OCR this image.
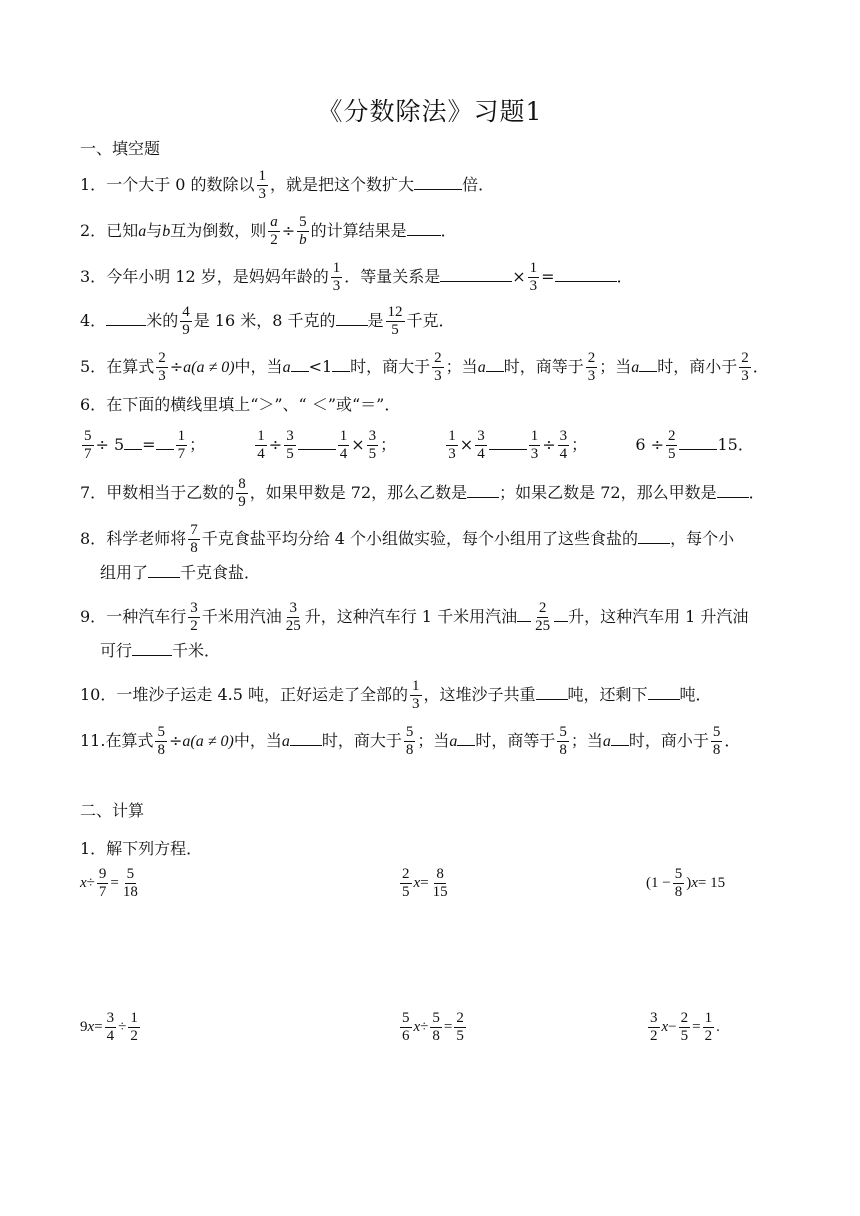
《分数除法》习题1
一、填空题
1．一个大于 0 的数除以 $\frac{1}{3}$ ，就是把这个数扩大	倍．
2．已知a与b互为倒数，则 $\frac{a}{2} \div \frac{5}{b}$ 的计算结果是 ．
3．今年小明 12 岁，是妈妈年龄的 $\frac{1}{3}$ ．等量关系是	× $\frac{1}{3}$ =	．
4．	米的 $\frac{4}{9}$ 是 16 米，8 千克的 是 $\frac{12}{5}$ 千克．
5．在算式 $\frac{2}{3} \div a(a \ne 0)$中，当a <1 时，商大于 $\frac{2}{3}$ ；当a 时，商等于 $\frac{2}{3}$ ；当a 时，商小于 $\frac{2}{3}$ ．
6．在下面的横线里填上“＞”、“ ＜”或“＝”．
$\frac{5}{7} \div 5 = \frac{1}{7}$ ；	$\frac{1}{4} \div \frac{3}{5}$	$\frac{1}{4} \times \frac{3}{5}$ ；	$\frac{1}{3} \times \frac{3}{4}$	$\frac{1}{3} \div \frac{3}{4}$ ；	$6 \div \frac{2}{5}$	15．
7．甲数相当于乙数的 $\frac{8}{9}$ ，如果甲数是 72，那么乙数是 ；如果乙数是 72，那么甲数是 ．
8．科学老师将 $\frac{7}{8}$ 千克食盐平均分给 4 个小组做实验，每个小组用了这些食盐的 ，每个小
组用了 千克食盐．
9．一种汽车行 $\frac{3}{2}$ 千米用汽油 $\frac{3}{25}$ 升，这种汽车行 1 千米用汽油 $\frac{2}{25}$ 升，这种汽车用 1 升汽油
可行	千米．
10．一堆沙子运走 4.5 吨，正好运走了全部的 $\frac{1}{3}$ ，这堆沙子共重 吨，还剩下 吨．
11.在算式 $\frac{5}{8} \div a(a \ne 0)$中，当a 时，商大于 $\frac{5}{8}$ ；当a 时，商等于 $\frac{5}{8}$ ；当a 时，商小于 $\frac{5}{8}$ ．
二、计算
1．解下列方程．
$x\div \frac{9}{7} = \frac{5}{18}$	$\frac{2}{5} x= \frac{8}{15}$	$(1 - \frac{5}{8} )x= 15$
$9x= \frac{3}{4} \div \frac{1}{2}$	$\frac{5}{6} x\div \frac{5}{8} = \frac{2}{5}$	$\frac{3}{2} x- \frac{2}{5} = \frac{1}{2}$ .
